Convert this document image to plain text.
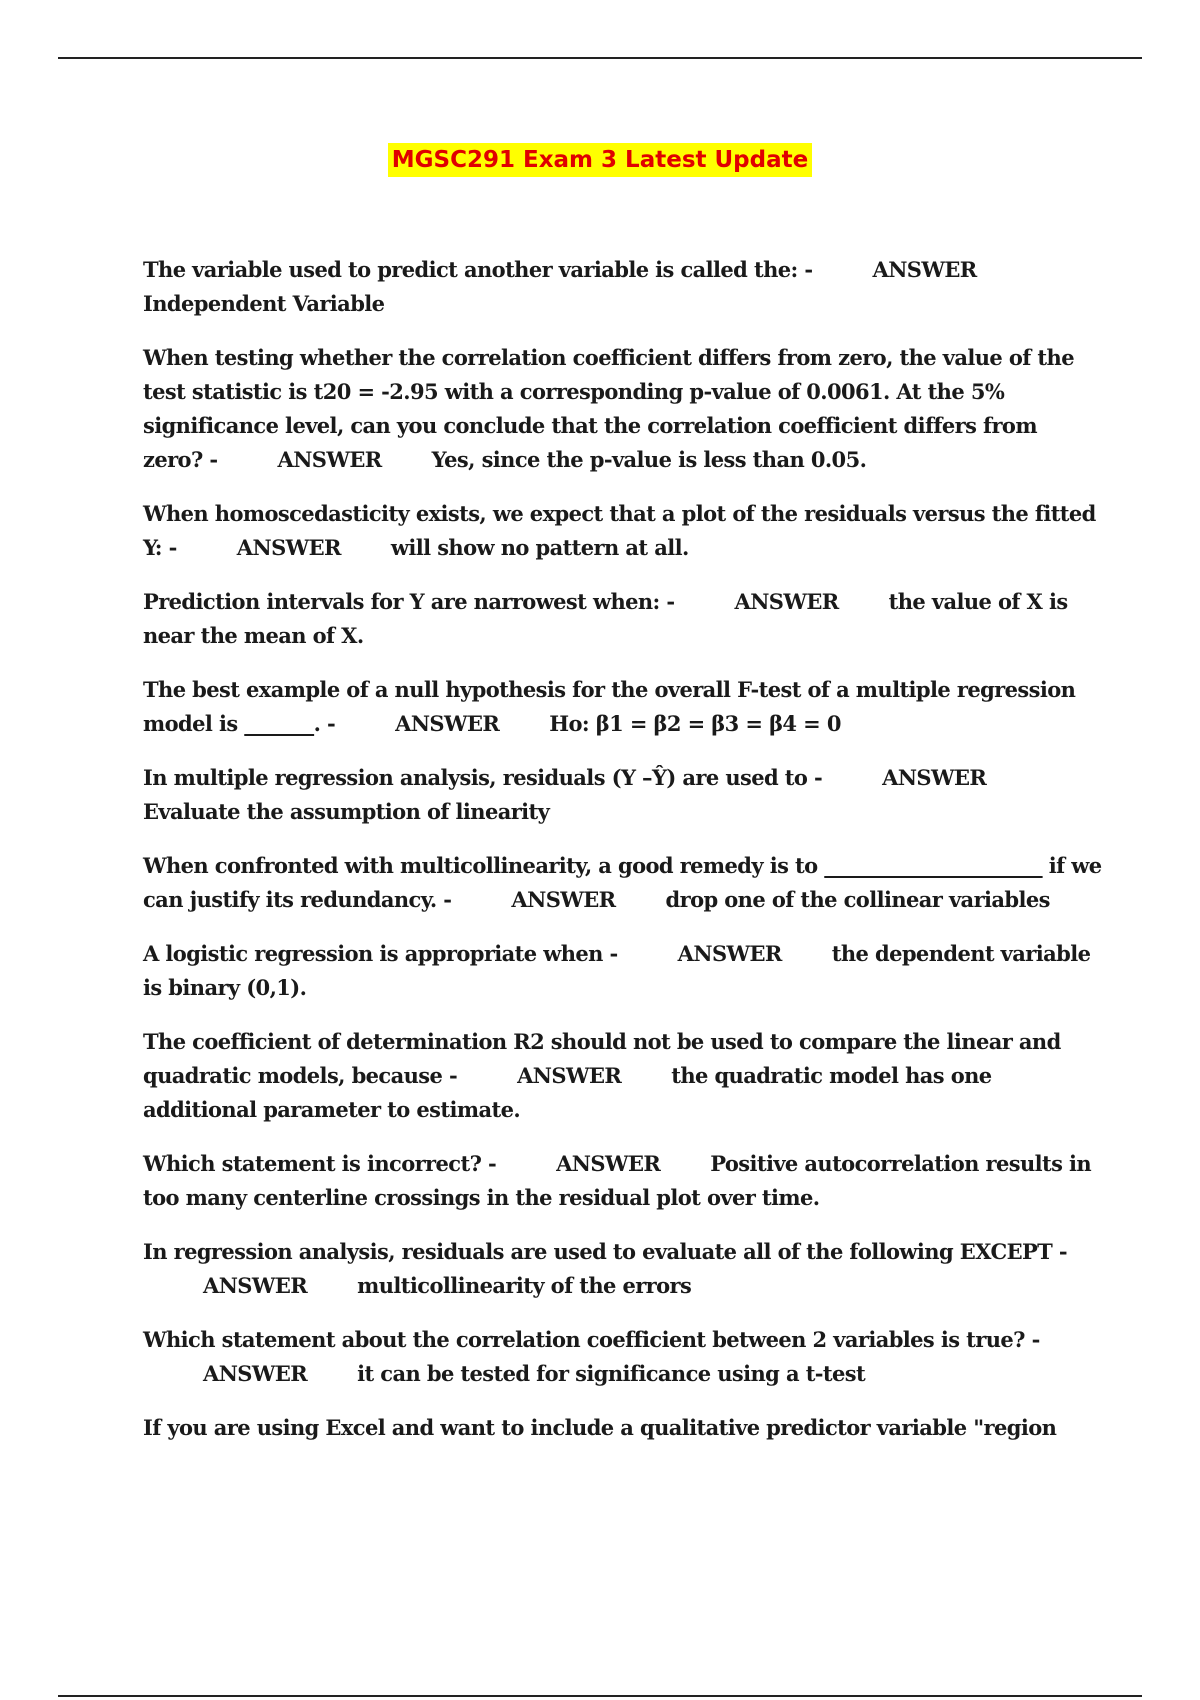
MGSC291 Exam 3 Latest Update

The variable used to predict another variable is called the: -	ANSWERIndependent Variable

When testing whether the correlation coefficient differs from zero, the value of the test statistic is t20 = -2.95 with a corresponding p-value of 0.0061. At the 5% significance level, can you conclude that the correlation coefficient differs from zero? -	ANSWER Yes, since the p-value is less than 0.05.

When homoscedasticity exists, we expect that a plot of the residuals versus the fitted Y: -	ANSWER will show no pattern at all.

Prediction intervals for Y are narrowest when: -	ANSWER the value of X is near the mean of X.

The best example of a null hypothesis for the overall F-test of a multiple regression model is _______. -	ANSWER Ho: β1 = β2 = β3 = β4 = 0

In multiple regression analysis, residuals (Y –Ŷ) are used to -	ANSWEREvaluate the assumption of linearity

When confronted with multicollinearity, a good remedy is to ______________________ if we can justify its redundancy. -	ANSWER drop one of the collinear variables

A logistic regression is appropriate when -	ANSWER the dependent variable is binary (0,1).

The coefficient of determination R2 should not be used to compare the linear and quadratic models, because -	ANSWER the quadratic model has one additional parameter to estimate.

Which statement is incorrect? -	ANSWER Positive autocorrelation results in too many centerline crossings in the residual plot over time.

In regression analysis, residuals are used to evaluate all of the following EXCEPT -ANSWER multicollinearity of the errors

Which statement about the correlation coefficient between 2 variables is true? -ANSWER it can be tested for significance using a t-test

If you are using Excel and want to include a qualitative predictor variable "region
